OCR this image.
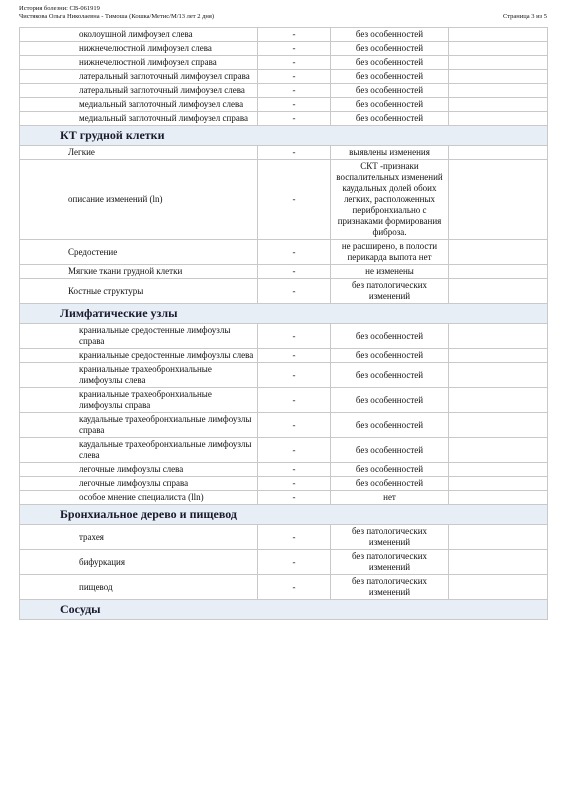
История болезни: СВ-061919
Чистякова Ольга Николаевна - Тимоша (Кошка/Метис/М/13 лет 2 дня)	Страница 3 из 5
околоушной лимфоузел слева	-	без особенностей	
нижнечелюстной лимфоузел слева	-	без особенностей	
нижнечелюстной лимфоузел справа	-	без особенностей	
латеральный заглоточный лимфоузел справа	-	без особенностей	
латеральный заглоточный лимфоузел слева	-	без особенностей	
медиальный заглоточный лимфоузел слева	-	без особенностей	
медиальный заглоточный лимфоузел справа	-	без особенностей	
КТ грудной клетки			
Легкие	-	выявлены изменения	
описание изменений (ln)	-	СКТ -признаки воспалительных изменений каудальных долей обоих легких, расположенных перибронхиально с признаками формирования фиброза.	
Средостение	-	не расширено, в полости перикарда выпота нет	
Мягкие ткани грудной клетки	-	не изменены	
Костные структуры	-	без патологических изменений	
Лимфатические узлы			
краниальные средостенные лимфоузлы справа	-	без особенностей	
краниальные средостенные лимфоузлы слева	-	без особенностей	
краниальные трахеобронхиальные лимфоузлы слева	-	без особенностей	
краниальные трахеобронхиальные лимфоузлы справа	-	без особенностей	
каудальные трахеобронхиальные лимфоузлы справа	-	без особенностей	
каудальные трахеобронхиальные лимфоузлы слева	-	без особенностей	
легочные лимфоузлы слева	-	без особенностей	
легочные лимфоузлы справа	-	без особенностей	
особое мнение специалиста (lln)	-	нет	
Бронхиальное дерево и пищевод			
трахея	-	без патологических изменений	
бифуркация	-	без патологических изменений	
пищевод	-	без патологических изменений	
Сосуды			
